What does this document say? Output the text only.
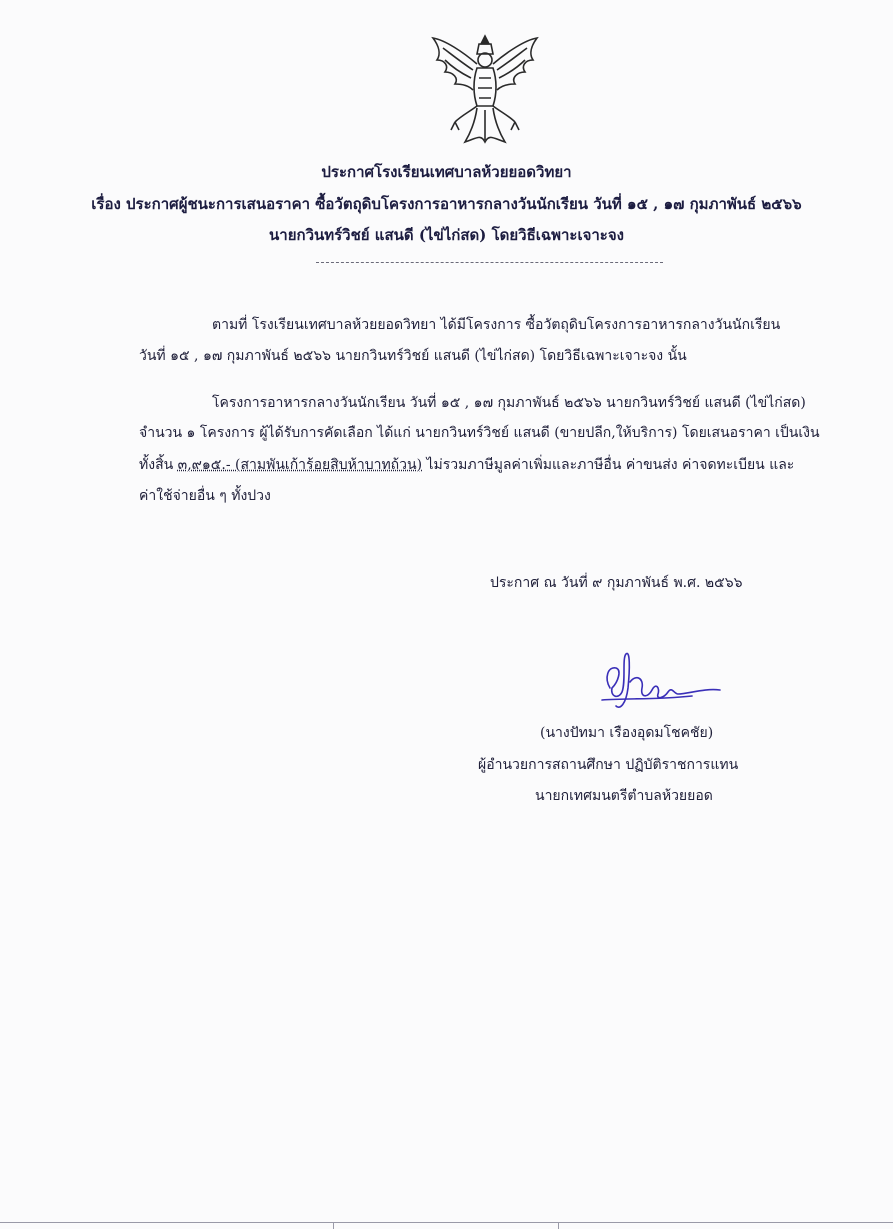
ประกาศโรงเรียนเทศบาลห้วยยอดวิทยา
เรื่อง ประกาศผู้ชนะการเสนอราคา ซื้อวัตถุดิบโครงการอาหารกลางวันนักเรียน วันที่ ๑๕ , ๑๗ กุมภาพันธ์ ๒๕๖๖
นายกวินทร์วิชย์ แสนดี (ไข่ไก่สด) โดยวิธีเฉพาะเจาะจง
ตามที่ โรงเรียนเทศบาลห้วยยอดวิทยา ได้มีโครงการ ซื้อวัตถุดิบโครงการอาหารกลางวันนักเรียน
วันที่ ๑๕ , ๑๗ กุมภาพันธ์ ๒๕๖๖ นายกวินทร์วิชย์ แสนดี (ไข่ไก่สด) โดยวิธีเฉพาะเจาะจง นั้น
โครงการอาหารกลางวันนักเรียน วันที่ ๑๕ , ๑๗ กุมภาพันธ์ ๒๕๖๖ นายกวินทร์วิชย์ แสนดี (ไข่ไก่สด)
จำนวน ๑ โครงการ ผู้ได้รับการคัดเลือก ได้แก่ นายกวินทร์วิชย์ แสนดี (ขายปลีก,ให้บริการ) โดยเสนอราคา เป็นเงิน
ทั้งสิ้น ๓,๙๑๕.- (สามพันเก้าร้อยสิบห้าบาทถ้วน) ไม่รวมภาษีมูลค่าเพิ่มและภาษีอื่น ค่าขนส่ง ค่าจดทะเบียน และ
ค่าใช้จ่ายอื่น ๆ ทั้งปวง
ประกาศ ณ วันที่ ๙ กุมภาพันธ์ พ.ศ. ๒๕๖๖
(นางปัทมา เรืองอุดมโชคชัย)
ผู้อำนวยการสถานศึกษา ปฏิบัติราชการแทน
นายกเทศมนตรีตำบลห้วยยอด
